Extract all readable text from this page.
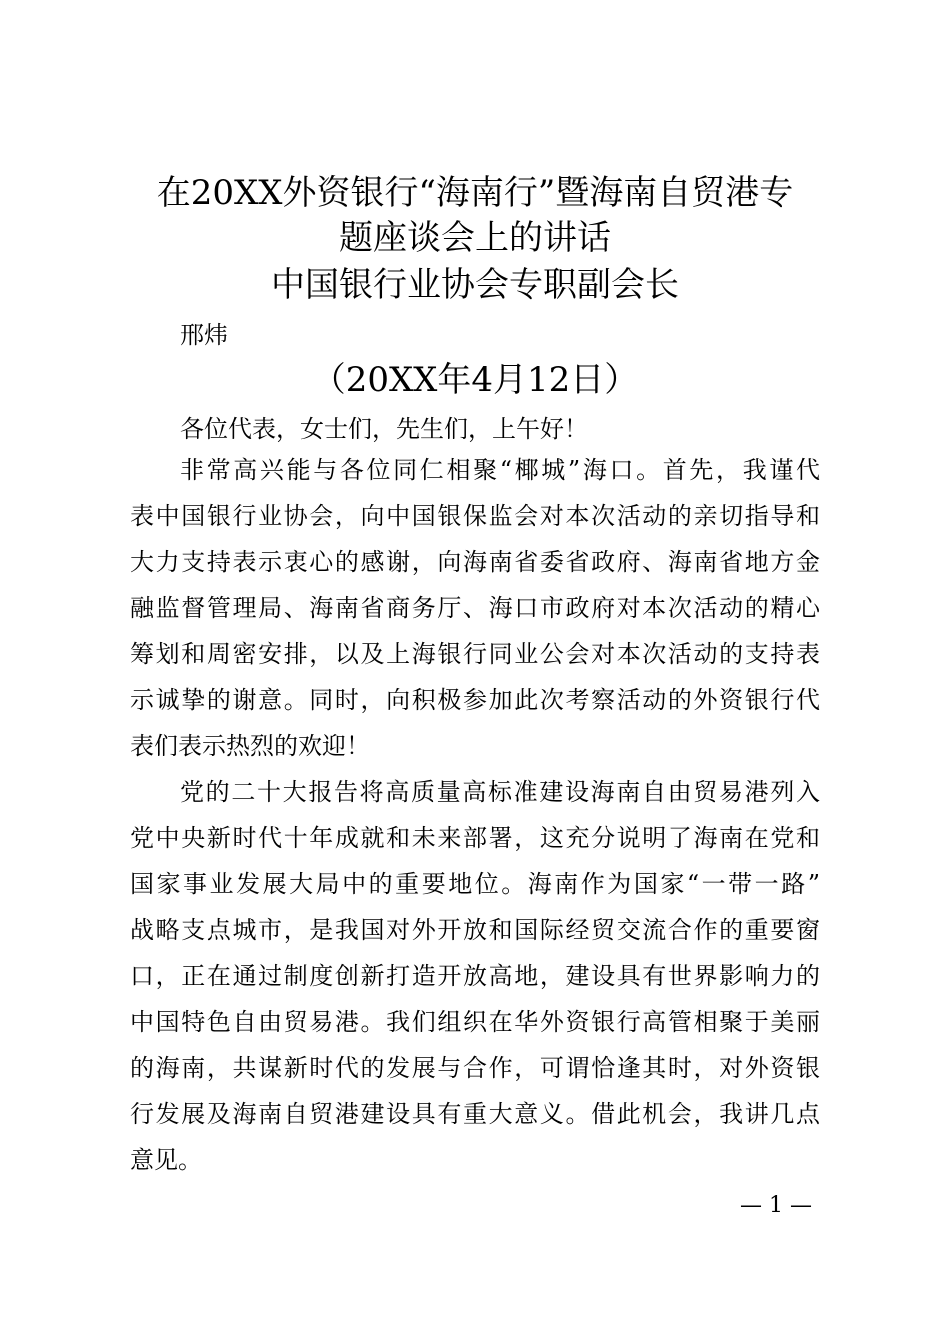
在20XX外资银行“海南行”暨海南自贸港专
题座谈会上的讲话
中国银行业协会专职副会长
邢炜
（20XX年4月12日）
各位代表，女士们，先生们，上午好！
非常高兴能与各位同仁相聚“椰城”海口。首先，我谨代
表中国银行业协会，向中国银保监会对本次活动的亲切指导和
大力支持表示衷心的感谢，向海南省委省政府、海南省地方金
融监督管理局、海南省商务厅、海口市政府对本次活动的精心
筹划和周密安排，以及上海银行同业公会对本次活动的支持表
示诚挚的谢意。同时，向积极参加此次考察活动的外资银行代
表们表示热烈的欢迎！
党的二十大报告将高质量高标准建设海南自由贸易港列入
党中央新时代十年成就和未来部署，这充分说明了海南在党和
国家事业发展大局中的重要地位。海南作为国家“一带一路”
战略支点城市，是我国对外开放和国际经贸交流合作的重要窗
口，正在通过制度创新打造开放高地，建设具有世界影响力的
中国特色自由贸易港。我们组织在华外资银行高管相聚于美丽
的海南，共谋新时代的发展与合作，可谓恰逢其时，对外资银
行发展及海南自贸港建设具有重大意义。借此机会，我讲几点
意见。
— 1 —
